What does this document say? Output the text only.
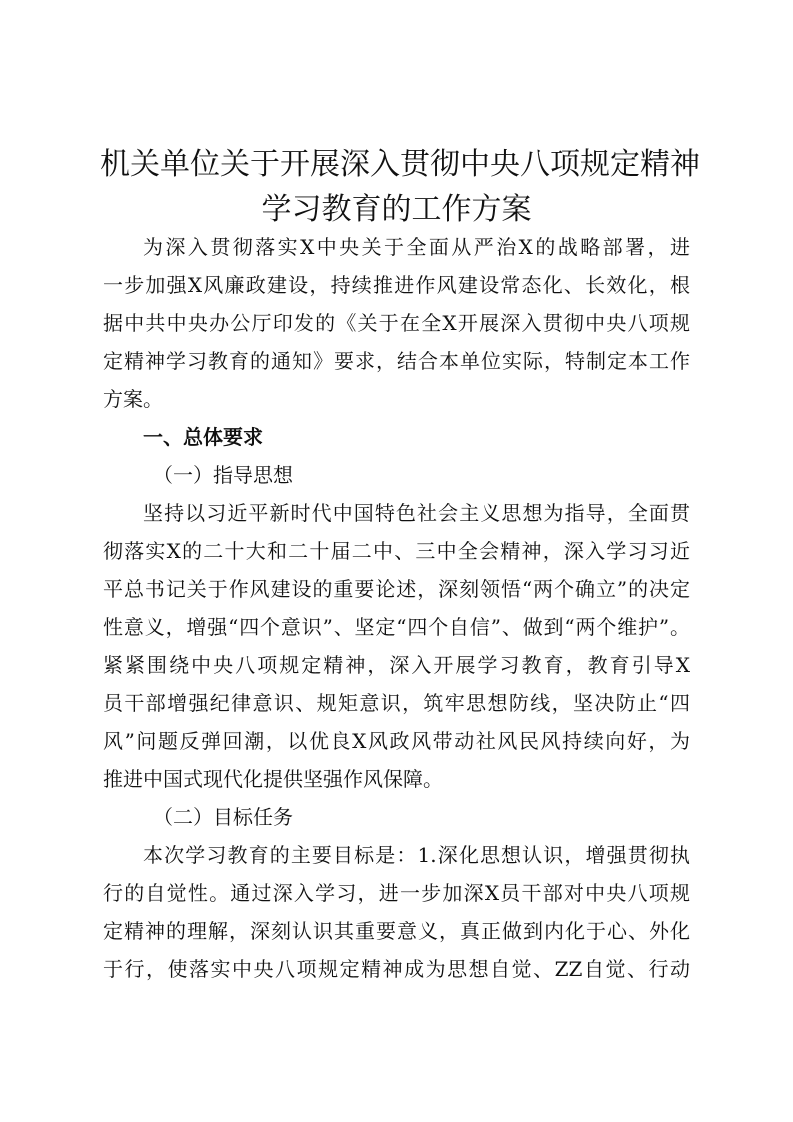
机关单位关于开展深入贯彻中央八项规定精神
学习教育的工作方案
为深入贯彻落实X中央关于全面从严治X的战略部署，进
一步加强X风廉政建设，持续推进作风建设常态化、长效化，根
据中共中央办公厅印发的《关于在全X开展深入贯彻中央八项规
定精神学习教育的通知》要求，结合本单位实际，特制定本工作
方案。
一、总体要求
（一）指导思想
坚持以习近平新时代中国特色社会主义思想为指导，全面贯
彻落实X的二十大和二十届二中、三中全会精神，深入学习习近
平总书记关于作风建设的重要论述，深刻领悟“两个确立”的决定
性意义，增强“四个意识”、坚定“四个自信”、做到“两个维护”。
紧紧围绕中央八项规定精神，深入开展学习教育，教育引导X
员干部增强纪律意识、规矩意识，筑牢思想防线，坚决防止“四
风”问题反弹回潮，以优良X风政风带动社风民风持续向好，为
推进中国式现代化提供坚强作风保障。
（二）目标任务
本次学习教育的主要目标是：1.深化思想认识，增强贯彻执
行的自觉性。通过深入学习，进一步加深X员干部对中央八项规
定精神的理解，深刻认识其重要意义，真正做到内化于心、外化
于行，使落实中央八项规定精神成为思想自觉、ZZ自觉、行动
